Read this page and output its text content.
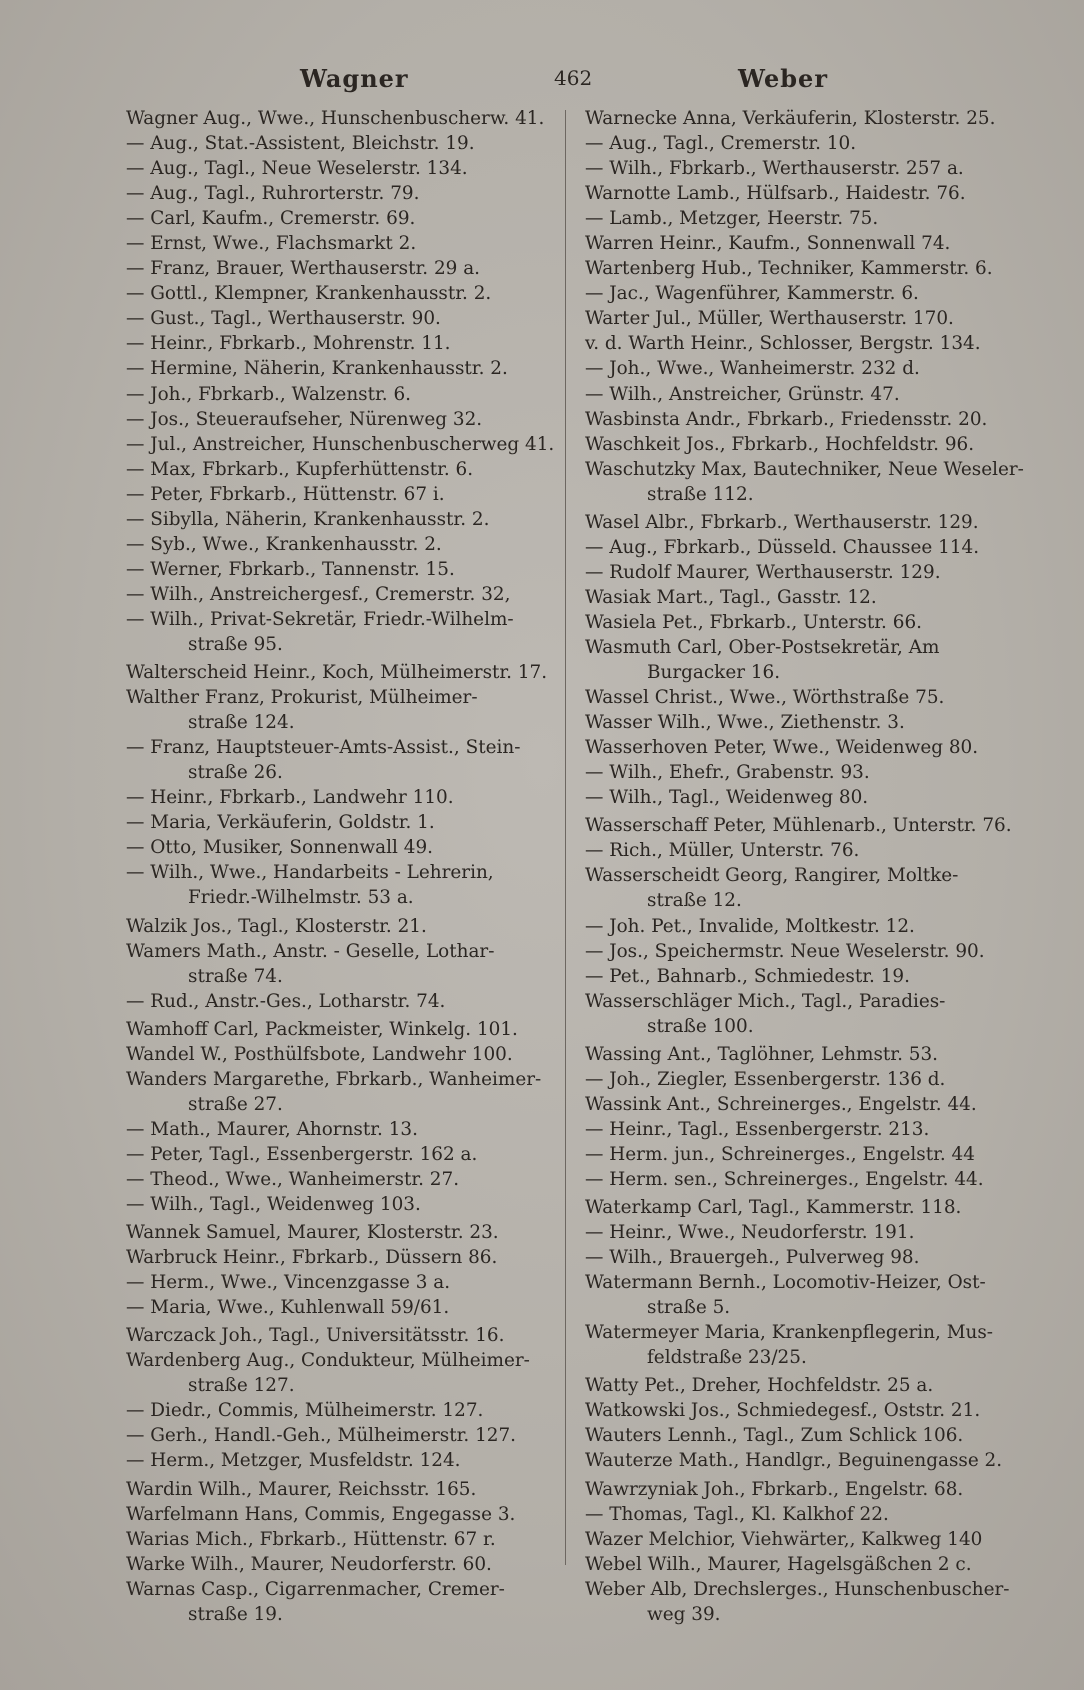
Wagner	462	Weber
Wagner Aug., Wwe., Hunschenbuscherw. 41.
— Aug., Stat.-Assistent, Bleichstr. 19.
— Aug., Tagl., Neue Weselerstr. 134.
— Aug., Tagl., Ruhrorterstr. 79.
— Carl, Kaufm., Cremerstr. 69.
— Ernst, Wwe., Flachsmarkt 2.
— Franz, Brauer, Werthauserstr. 29 a.
— Gottl., Klempner, Krankenhausstr. 2.
— Gust., Tagl., Werthauserstr. 90.
— Heinr., Fbrkarb., Mohrenstr. 11.
— Hermine, Näherin, Krankenhausstr. 2.
— Joh., Fbrkarb., Walzenstr. 6.
— Jos., Steueraufseher, Nürenweg 32.
— Jul., Anstreicher, Hunschenbuscherweg 41.
— Max, Fbrkarb., Kupferhüttenstr. 6.
— Peter, Fbrkarb., Hüttenstr. 67 i.
— Sibylla, Näherin, Krankenhausstr. 2.
— Syb., Wwe., Krankenhausstr. 2.
— Werner, Fbrkarb., Tannenstr. 15.
— Wilh., Anstreichergesf., Cremerstr. 32,
— Wilh., Privat-Sekretär, Friedr.-Wilhelm-
straße 95.
Walterscheid Heinr., Koch, Mülheimerstr. 17.
Walther Franz, Prokurist, Mülheimer-
straße 124.
— Franz, Hauptsteuer-Amts-Assist., Stein-
straße 26.
— Heinr., Fbrkarb., Landwehr 110.
— Maria, Verkäuferin, Goldstr. 1.
— Otto, Musiker, Sonnenwall 49.
— Wilh., Wwe., Handarbeits - Lehrerin,
Friedr.-Wilhelmstr. 53 a.
Walzik Jos., Tagl., Klosterstr. 21.
Wamers Math., Anstr. - Geselle, Lothar-
straße 74.
— Rud., Anstr.-Ges., Lotharstr. 74.
Wamhoff Carl, Packmeister, Winkelg. 101.
Wandel W., Posthülfsbote, Landwehr 100.
Wanders Margarethe, Fbrkarb., Wanheimer-
straße 27.
— Math., Maurer, Ahornstr. 13.
— Peter, Tagl., Essenbergerstr. 162 a.
— Theod., Wwe., Wanheimerstr. 27.
— Wilh., Tagl., Weidenweg 103.
Wannek Samuel, Maurer, Klosterstr. 23.
Warbruck Heinr., Fbrkarb., Düssern 86.
— Herm., Wwe., Vincenzgasse 3 a.
— Maria, Wwe., Kuhlenwall 59/61.
Warczack Joh., Tagl., Universitätsstr. 16.
Wardenberg Aug., Condukteur, Mülheimer-
straße 127.
— Diedr., Commis, Mülheimerstr. 127.
— Gerh., Handl.-Geh., Mülheimerstr. 127.
— Herm., Metzger, Musfeldstr. 124.
Wardin Wilh., Maurer, Reichsstr. 165.
Warfelmann Hans, Commis, Engegasse 3.
Warias Mich., Fbrkarb., Hüttenstr. 67 r.
Warke Wilh., Maurer, Neudorferstr. 60.
Warnas Casp., Cigarrenmacher, Cremer-
straße 19.
Warnecke Anna, Verkäuferin, Klosterstr. 25.
— Aug., Tagl., Cremerstr. 10.
— Wilh., Fbrkarb., Werthauserstr. 257 a.
Warnotte Lamb., Hülfsarb., Haidestr. 76.
— Lamb., Metzger, Heerstr. 75.
Warren Heinr., Kaufm., Sonnenwall 74.
Wartenberg Hub., Techniker, Kammerstr. 6.
— Jac., Wagenführer, Kammerstr. 6.
Warter Jul., Müller, Werthauserstr. 170.
v. d. Warth Heinr., Schlosser, Bergstr. 134.
— Joh., Wwe., Wanheimerstr. 232 d.
— Wilh., Anstreicher, Grünstr. 47.
Wasbinsta Andr., Fbrkarb., Friedensstr. 20.
Waschkeit Jos., Fbrkarb., Hochfeldstr. 96.
Waschutzky Max, Bautechniker, Neue Weseler-
straße 112.
Wasel Albr., Fbrkarb., Werthauserstr. 129.
— Aug., Fbrkarb., Düsseld. Chaussee 114.
— Rudolf Maurer, Werthauserstr. 129.
Wasiak Mart., Tagl., Gasstr. 12.
Wasiela Pet., Fbrkarb., Unterstr. 66.
Wasmuth Carl, Ober-Postsekretär, Am
Burgacker 16.
Wassel Christ., Wwe., Wörthstraße 75.
Wasser Wilh., Wwe., Ziethenstr. 3.
Wasserhoven Peter, Wwe., Weidenweg 80.
— Wilh., Ehefr., Grabenstr. 93.
— Wilh., Tagl., Weidenweg 80.
Wasserschaff Peter, Mühlenarb., Unterstr. 76.
— Rich., Müller, Unterstr. 76.
Wasserscheidt Georg, Rangirer, Moltke-
straße 12.
— Joh. Pet., Invalide, Moltkestr. 12.
— Jos., Speichermstr. Neue Weselerstr. 90.
— Pet., Bahnarb., Schmiedestr. 19.
Wasserschläger Mich., Tagl., Paradies-
straße 100.
Wassing Ant., Taglöhner, Lehmstr. 53.
— Joh., Ziegler, Essenbergerstr. 136 d.
Wassink Ant., Schreinerges., Engelstr. 44.
— Heinr., Tagl., Essenbergerstr. 213.
— Herm. jun., Schreinerges., Engelstr. 44
— Herm. sen., Schreinerges., Engelstr. 44.
Waterkamp Carl, Tagl., Kammerstr. 118.
— Heinr., Wwe., Neudorferstr. 191.
— Wilh., Brauergeh., Pulverweg 98.
Watermann Bernh., Locomotiv-Heizer, Ost-
straße 5.
Watermeyer Maria, Krankenpflegerin, Mus-
feldstraße 23/25.
Watty Pet., Dreher, Hochfeldstr. 25 a.
Watkowski Jos., Schmiedegesf., Oststr. 21.
Wauters Lennh., Tagl., Zum Schlick 106.
Wauterze Math., Handlgr., Beguinengasse 2.
Wawrzyniak Joh., Fbrkarb., Engelstr. 68.
— Thomas, Tagl., Kl. Kalkhof 22.
Wazer Melchior, Viehwärter,, Kalkweg 140
Webel Wilh., Maurer, Hagelsgäßchen 2 c.
Weber Alb, Drechslerges., Hunschenbuscher-
weg 39.
